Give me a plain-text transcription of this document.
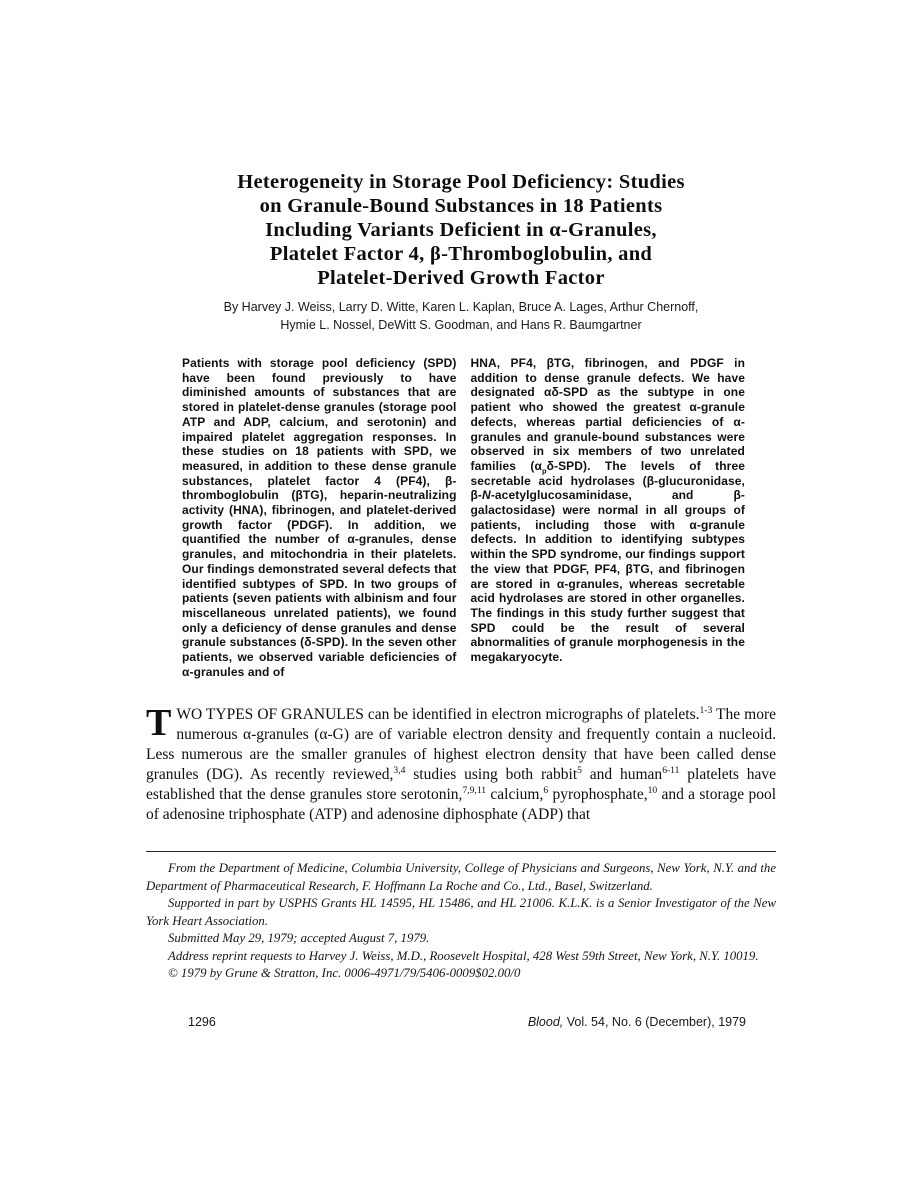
Heterogeneity in Storage Pool Deficiency: Studies
on Granule-Bound Substances in 18 Patients
Including Variants Deficient in α-Granules,
Platelet Factor 4, β-Thromboglobulin, and
Platelet-Derived Growth Factor
By Harvey J. Weiss, Larry D. Witte, Karen L. Kaplan, Bruce A. Lages, Arthur Chernoff,
Hymie L. Nossel, DeWitt S. Goodman, and Hans R. Baumgartner
Patients with storage pool deficiency (SPD) have been found previously to have diminished amounts of substances that are stored in platelet-dense granules (storage pool ATP and ADP, calcium, and serotonin) and impaired platelet aggregation responses. In these studies on 18 patients with SPD, we measured, in addition to these dense granule substances, platelet factor 4 (PF4), β-thromboglobulin (βTG), heparin-neutralizing activity (HNA), fibrinogen, and platelet-derived growth factor (PDGF). In addition, we quantified the number of α-granules, dense granules, and mitochondria in their platelets. Our findings demonstrated several defects that identified subtypes of SPD. In two groups of patients (seven patients with albinism and four miscellaneous unrelated patients), we found only a deficiency of dense granules and dense granule substances (δ-SPD). In the seven other patients, we observed variable deficiencies of α-granules and of
HNA, PF4, βTG, fibrinogen, and PDGF in addition to dense granule defects. We have designated αδ-SPD as the subtype in one patient who showed the greatest α-granule defects, whereas partial deficiencies of α-granules and granule-bound substances were observed in six members of two unrelated families $(\alpha_p\delta-SPD)$. The levels of three secretable acid hydrolases (β-glucuronidase, β-N-acetylglucosaminidase, and β-galactosidase) were normal in all groups of patients, including those with α-granule defects. In addition to identifying subtypes within the SPD syndrome, our findings support the view that PDGF, PF4, βTG, and fibrinogen are stored in α-granules, whereas secretable acid hydrolases are stored in other organelles. The findings in this study further suggest that SPD could be the result of several abnormalities of granule morphogenesis in the megakaryocyte.
TWO TYPES OF GRANULES can be identified in electron micrographs of platelets.$^{1-3}$ The more numerous α-granules (α-G) are of variable electron density and frequently contain a nucleoid. Less numerous are the smaller granules of highest electron density that have been called dense granules (DG). As recently reviewed,$^{3,4}$ studies using both rabbit$^5$ and human$^{6-11}$ platelets have established that the dense granules store serotonin,$^{7,9,11}$ calcium,$^6$ pyrophosphate,$^{10}$ and a storage pool of adenosine triphosphate (ATP) and adenosine diphosphate (ADP) that

From the Department of Medicine, Columbia University, College of Physicians and Surgeons, New York, N.Y. and the Department of Pharmaceutical Research, F. Hoffmann La Roche and Co., Ltd., Basel, Switzerland.

Supported in part by USPHS Grants HL 14595, HL 15486, and HL 21006. K.L.K. is a Senior Investigator of the New York Heart Association.

Submitted May 29, 1979; accepted August 7, 1979.

Address reprint requests to Harvey J. Weiss, M.D., Roosevelt Hospital, 428 West 59th Street, New York, N.Y. 10019.

© 1979 by Grune & Stratton, Inc. 0006-4971/79/5406-0009$02.00/0

1296	Blood, Vol. 54, No. 6 (December), 1979
